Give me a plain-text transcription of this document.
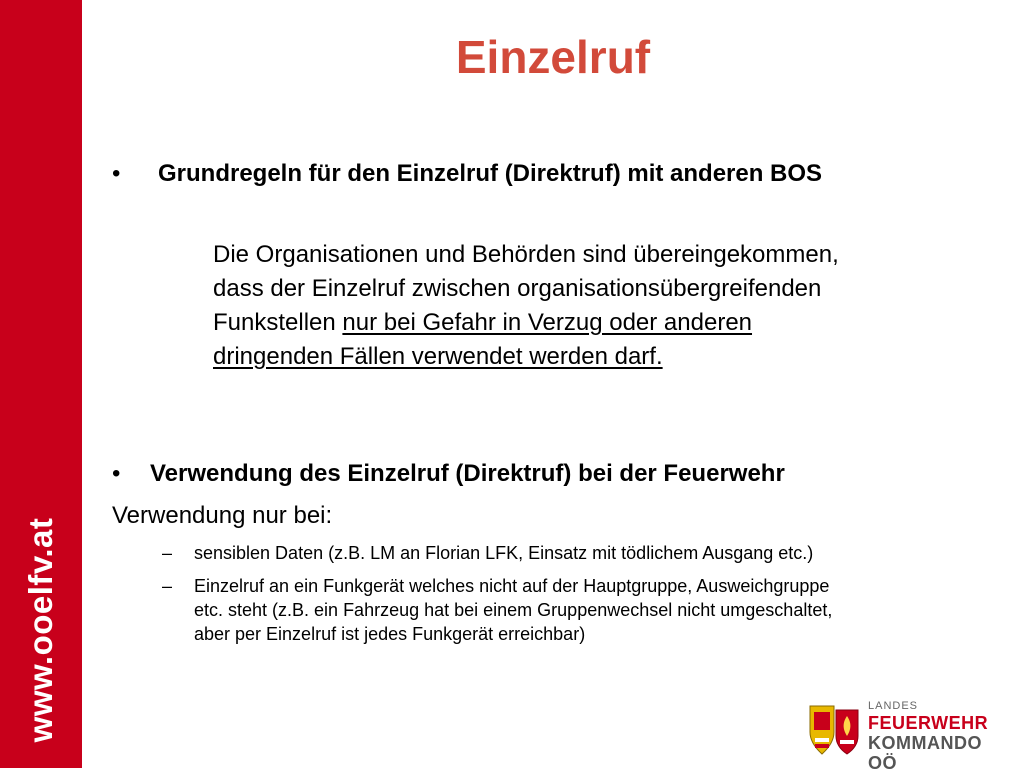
www.ooelfv.at
Einzelruf
• Grundregeln für den Einzelruf (Direktruf) mit anderen BOS
Die Organisationen und Behörden sind übereingekommen,
dass der Einzelruf zwischen organisationsübergreifenden
Funkstellen nur bei Gefahr in Verzug oder anderen
dringenden Fällen verwendet werden darf.
• Verwendung des Einzelruf (Direktruf) bei der Feuerwehr
Verwendung nur bei:
– sensiblen Daten (z.B. LM an Florian LFK, Einsatz mit tödlichem Ausgang etc.)
– Einzelruf an ein Funkgerät welches nicht auf der Hauptgruppe, Ausweichgruppe
etc. steht (z.B. ein Fahrzeug hat bei einem Gruppenwechsel nicht umgeschaltet,
aber per Einzelruf ist jedes Funkgerät erreichbar)
LANDES
FEUERWEHR
KOMMANDO OÖ
